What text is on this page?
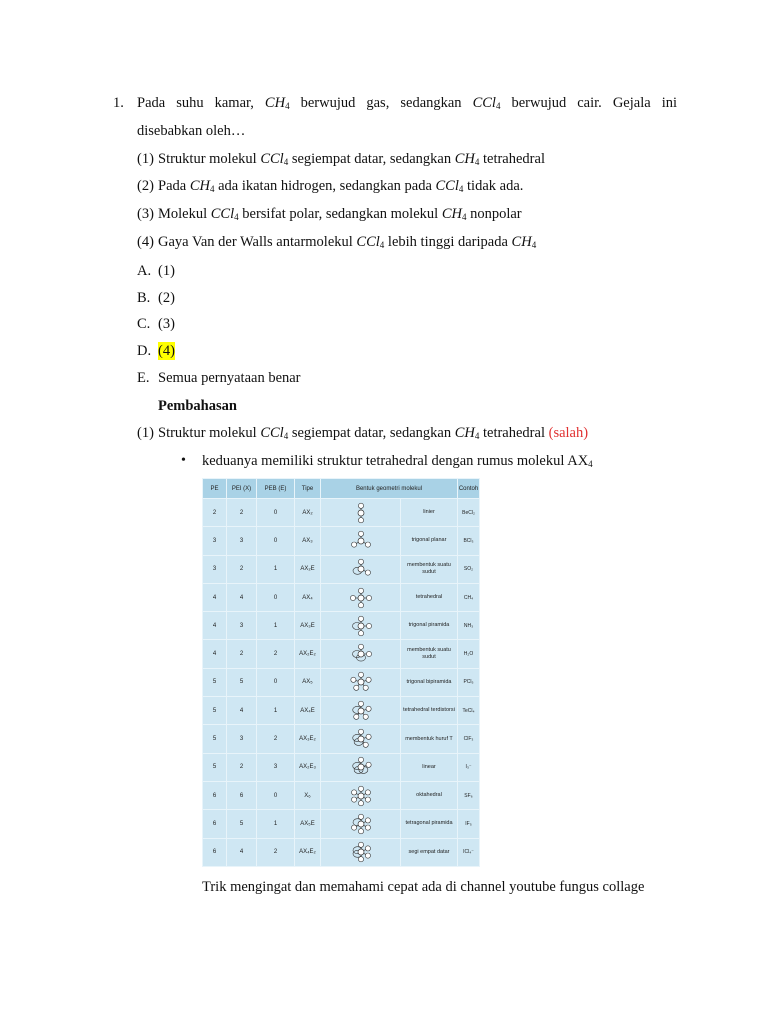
1. Pada suhu kamar, $CH_4$ berwujud gas, sedangkan CCl$_4$ berwujud cair. Gejala ini
disebabkan oleh…
(1) Struktur molekul CCl$_4$ segiempat datar, sedangkan $CH_4$ tetrahedral
(2) Pada $CH_4$ ada ikatan hidrogen, sedangkan pada CCl$_4$ tidak ada.
(3) Molekul CCl$_4$ bersifat polar, sedangkan molekul $CH_4$ nonpolar
(4) Gaya Van der Walls antarmolekul CCl$_4$ lebih tinggi daripada $CH_4$
A. (1)
B. (2)
C. (3)
D. (4)
E. Semua pernyataan benar
Pembahasan
(1) Struktur molekul CCl$_4$ segiempat datar, sedangkan $CH_4$ tetrahedral (salah)
• keduanya memiliki struktur tetrahedral dengan rumus molekul $AX_4$
PE	PEI (X)	PEB (E)	Tipe	Bentuk geometri molekul		Contoh
2	2	0	AX₂		linier	BeCl₂
3	3	0	AX₃		trigonal planar	BCl₃
3	2	1	AX₂E		membentuk suatu sudut	SO₂
4	4	0	AX₄		tetrahedral	CH₄
4	3	1	AX₃E		trigonal piramida	NH₃
4	2	2	AX₂E₂		membentuk suatu sudut	H₂O
5	5	0	AX₅		trigonal bipiramida	PCl₅
5	4	1	AX₄E		tetrahedral terdistorsi	TeCl₄
5	3	2	AX₃E₂		membentuk huruf T	ClF₃
5	2	3	AX₂E₃		linear	I₃⁻
6	6	0	X₆		oktahedral	SF₆
6	5	1	AX₅E		tetragonal piramida	IF₅
6	4	2	AX₄E₂		segi empat datar	ICl₄⁻
Trik mengingat dan memahami cepat ada di channel youtube fungus collage
